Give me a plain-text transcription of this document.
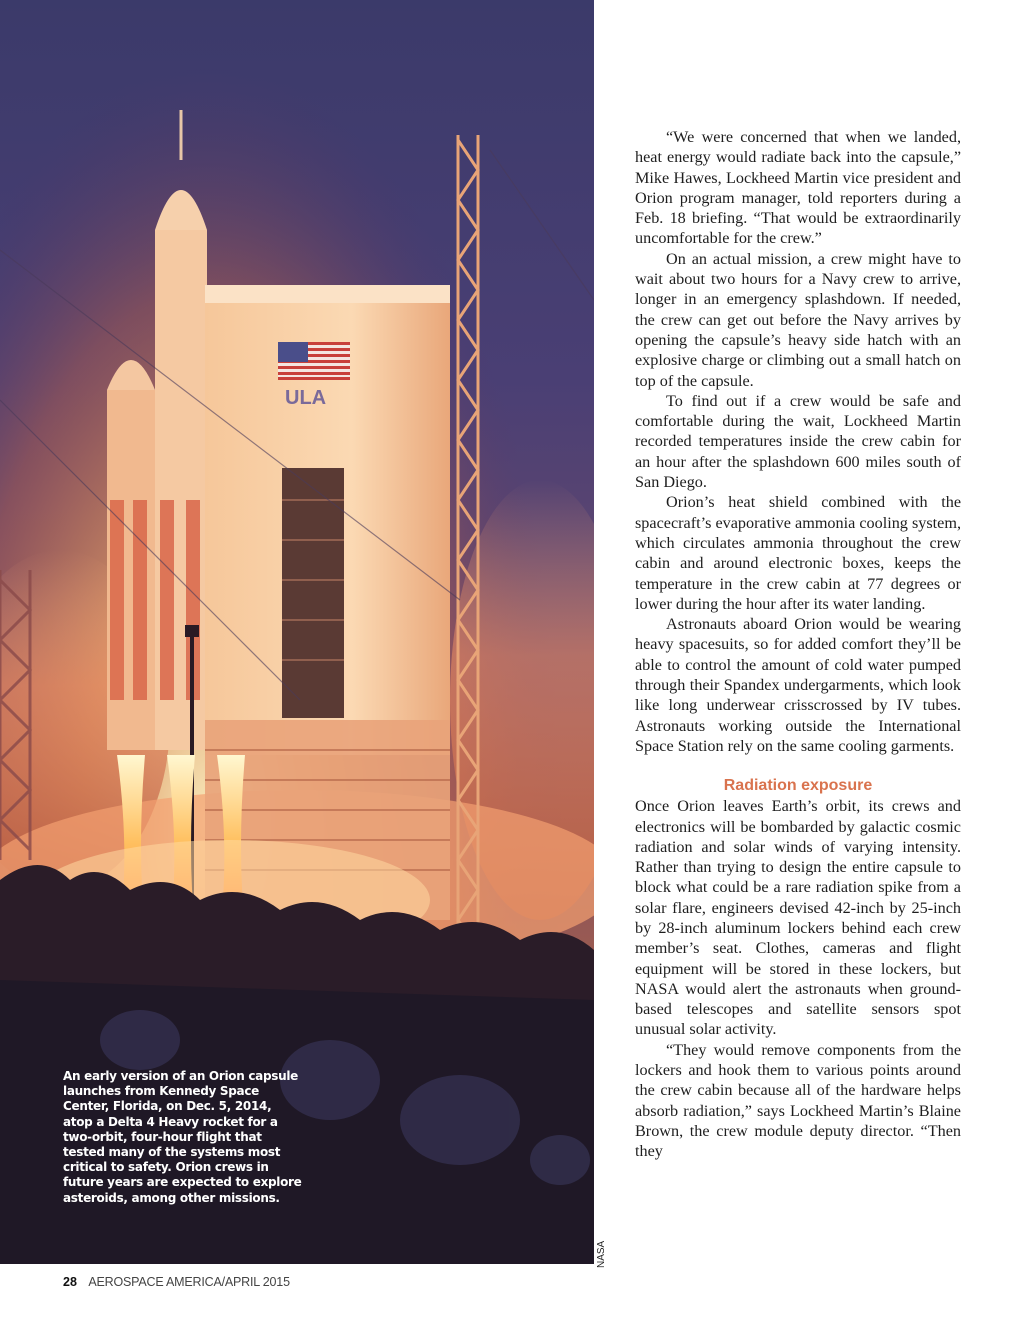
ULA
An early version of an Orion capsule launches from Kennedy Space Center, Florida, on Dec. 5, 2014, atop a Delta 4 Heavy rocket for a two-orbit, four-hour flight that tested many of the systems most critical to safety. Orion crews in future years are expected to explore asteroids, among other missions.
NASA

“We were concerned that when we landed, heat energy would radiate back into the capsule,” Mike Hawes, Lockheed Martin vice president and Orion program manager, told reporters during a Feb. 18 briefing. “That would be extraordinarily uncomfortable for the crew.”

On an actual mission, a crew might have to wait about two hours for a Navy crew to arrive, longer in an emergency splashdown. If needed, the crew can get out before the Navy arrives by opening the capsule’s heavy side hatch with an explosive charge or climbing out a small hatch on top of the capsule.

To find out if a crew would be safe and comfortable during the wait, Lockheed Martin recorded temperatures inside the crew cabin for an hour after the splashdown 600 miles south of San Diego.

Orion’s heat shield combined with the spacecraft’s evaporative ammonia cooling system, which circulates ammonia throughout the crew cabin and around electronic boxes, keeps the temperature in the crew cabin at 77 degrees or lower during the hour after its water landing.

Astronauts aboard Orion would be wearing heavy spacesuits, so for added comfort they’ll be able to control the amount of cold water pumped through their Spandex undergarments, which look like long underwear crisscrossed by IV tubes. Astronauts working outside the International Space Station rely on the same cooling garments.

Radiation exposure

Once Orion leaves Earth’s orbit, its crews and electronics will be bombarded by galactic cosmic radiation and solar winds of varying intensity. Rather than trying to design the entire capsule to block what could be a rare radiation spike from a solar flare, engineers devised 42-inch by 25-inch by 28-inch aluminum lockers behind each crew member’s seat. Clothes, cameras and flight equipment will be stored in these lockers, but NASA would alert the astronauts when ground-based telescopes and satellite sensors spot unusual solar activity.

“They would remove components from the lockers and hook them to various points around the crew cabin because all of the hardware helps absorb radiation,” says Lockheed Martin’s Blaine Brown, the crew module deputy director. “Then they

28 AEROSPACE AMERICA/APRIL 2015
